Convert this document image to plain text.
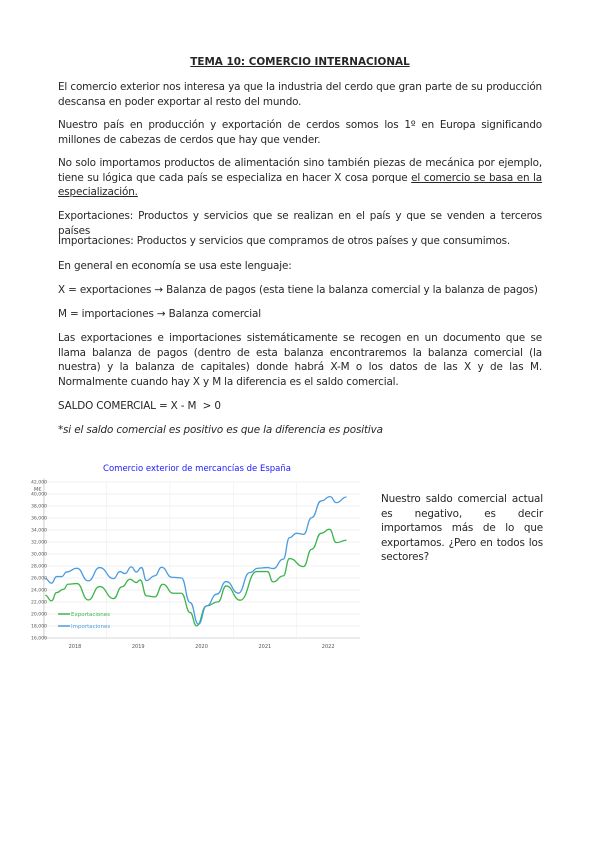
TEMA 10: COMERCIO INTERNACIONAL
El comercio exterior nos interesa ya que la industria del cerdo que gran parte de su producción descansa en poder exportar al resto del mundo.
Nuestro país en producción y exportación de cerdos somos los 1º en Europa significando millones de cabezas de cerdos que hay que vender.
No solo importamos productos de alimentación sino también piezas de mecánica por ejemplo, tiene su lógica que cada país se especializa en hacer X cosa porque el comercio se basa en la especialización.
Exportaciones: Productos y servicios que se realizan en el país y que se venden a terceros países
Importaciones: Productos y servicios que compramos de otros países y que consumimos.
En general en economía se usa este lenguaje:
X = exportaciones → Balanza de pagos (esta tiene la balanza comercial y la balanza de pagos)
M = importaciones → Balanza comercial
Las exportaciones e importaciones sistemáticamente se recogen en un documento que se llama balanza de pagos (dentro de esta balanza encontraremos la balanza comercial (la nuestra) y la balanza de capitales) donde habrá X-M o los datos de las X y de las M. Normalmente cuando hay X y M la diferencia es el saldo comercial.
SALDO COMERCIAL = X - M  > 0
*si el saldo comercial es positivo es que la diferencia es positiva
Comercio exterior de mercancías de España
M€
16,000
18,000
20,000
22,000
24,000
26,000
28,000
30,000
32,000
34,000
36,000
38,000
40,000
42,000
2018	2019	2020	2021	2022
Exportaciones
Importaciones
Nuestro saldo comercial actual es negativo, es decir importamos más de lo que exportamos. ¿Pero en todos los sectores?
